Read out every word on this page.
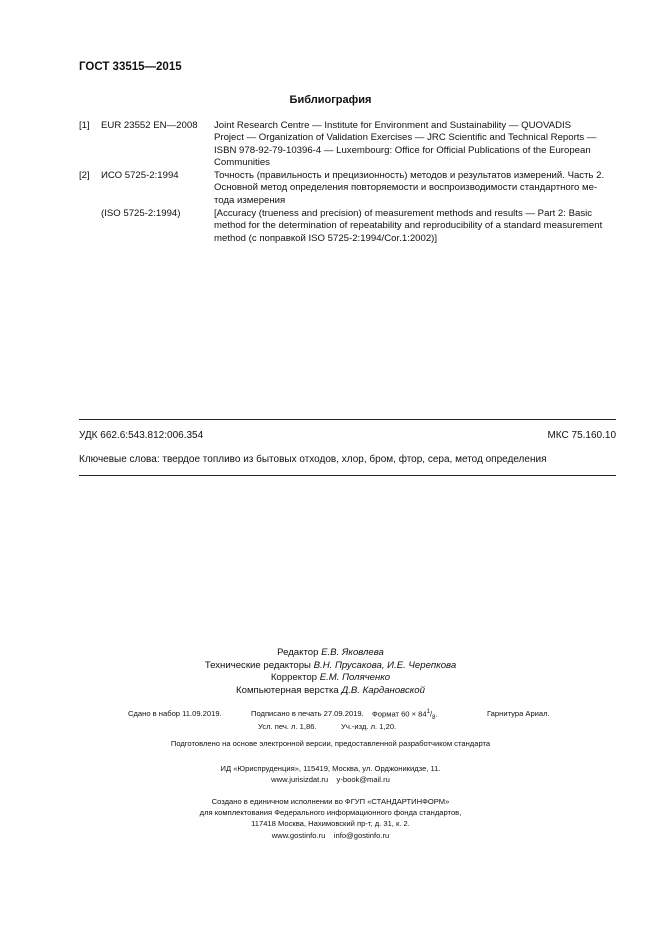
ГОСТ 33515—2015
Библиография
[1] EUR 23552 EN—2008 Joint Research Centre — Institute for Environment and Sustainability — QUOVADIS
Project — Organization of Validation Exercises — JRC Scientific and Technical Reports —
ISBN 978-92-79-10396-4 — Luxembourg: Office for Official Publications of the European
Communities
[2] ИСО 5725-2:1994	Точность (правильность и прецизионность) методов и результатов измерений. Часть 2.
Основной метод определения повторяемости и воспроизводимости стандартного ме-
тода измерения
(ISO 5725-2:1994)	[Accuracy (trueness and precision) of measurement methods and results — Part 2: Basic
method for the determination of repeatability and reproducibility of a standard measurement
method (с поправкой ISO 5725-2:1994/Cor.1:2002)]
УДК 662.6:543.812:006.354	МКС 75.160.10
Ключевые слова: твердое топливо из бытовых отходов, хлор, бром, фтор, сера, метод определения
Редактор Е.В. Яковлева
Технические редакторы В.Н. Прусакова, И.Е. Черепкова
Корректор Е.М. Поляченко
Компьютерная верстка Д.В. Кардановской
Сдано в набор 11.09.2019.	Подписано в печать 27.09.2019. Формат $60 \times 84^1/_8$.	Гарнитура Ариал.
Усл. печ. л. 1,86.	Уч.-изд. л. 1,20.
Подготовлено на основе электронной версии, предоставленной разработчиком стандарта
ИД «Юриспруденция», 115419, Москва, ул. Орджоникидзе, 11.
www.jurisizdat.ru    y-book@mail.ru
Создано в единичном исполнении во ФГУП «СТАНДАРТИНФОРМ»
для комплектования Федерального информационного фонда стандартов,
117418 Москва, Нахимовский пр-т, д. 31, к. 2.
www.gostinfo.ru    info@gostinfo.ru
